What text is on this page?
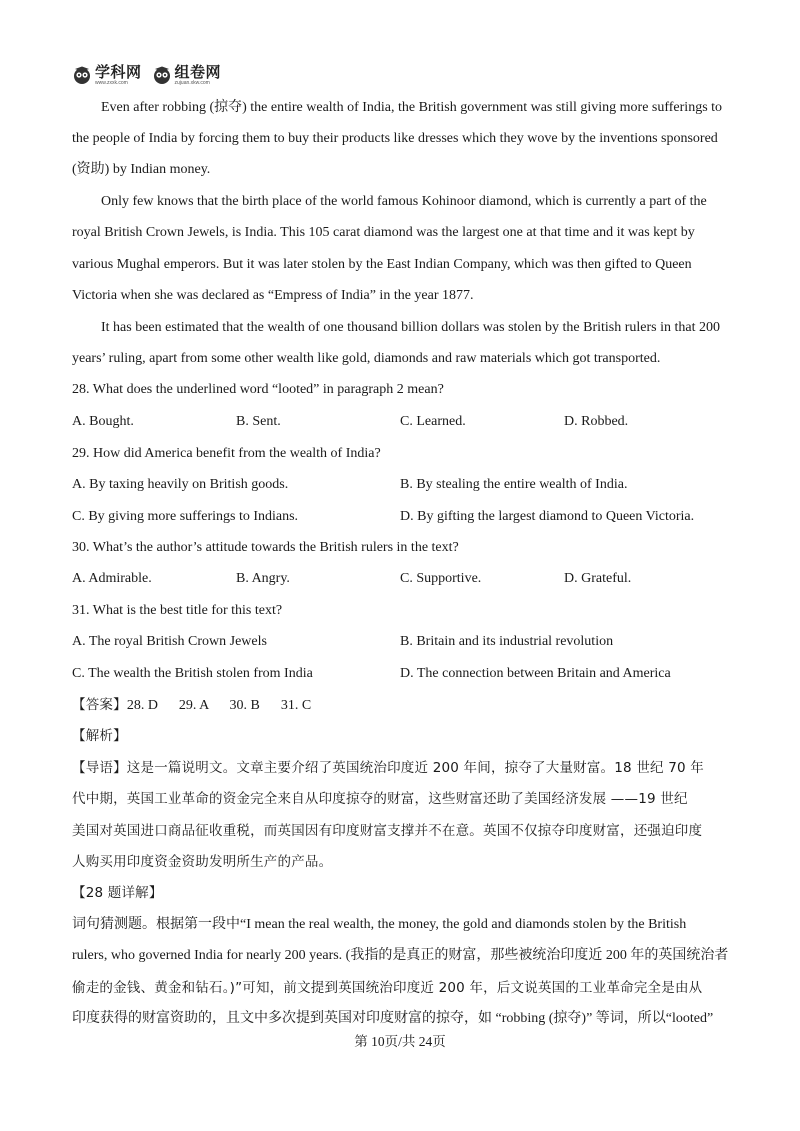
学科网
www.zxxk.com
组卷网
zujuan.xkw.com
Even after robbing (掠夺) the entire wealth of India, the British government was still giving more sufferings to
the people of India by forcing them to buy their products like dresses which they wove by the inventions sponsored
(资助) by Indian money.
Only few knows that the birth place of the world famous Kohinoor diamond, which is currently a part of the
royal British Crown Jewels, is India. This 105 carat diamond was the largest one at that time and it was kept by
various Mughal emperors. But it was later stolen by the East Indian Company, which was then gifted to Queen
Victoria when she was declared as “Empress of India” in the year 1877.
It has been estimated that the wealth of one thousand billion dollars was stolen by the British rulers in that 200
years’ ruling, apart from some other wealth like gold, diamonds and raw materials which got transported.
28. What does the underlined word “looted” in paragraph 2 mean?
A. Bought.	B. Sent.	C. Learned.	D. Robbed.
29. How did America benefit from the wealth of India?
A. By taxing heavily on British goods.	B. By stealing the entire wealth of India.
C. By giving more sufferings to Indians.	D. By gifting the largest diamond to Queen Victoria.
30. What’s the author’s attitude towards the British rulers in the text?
A. Admirable.	B. Angry.	C. Supportive.	D. Grateful.
31. What is the best title for this text?
A. The royal British Crown Jewels	B. Britain and its industrial revolution
C. The wealth the British stolen from India	D. The connection between Britain and America
【答案】28. D      29. A      30. B      31. C
【解析】
【导语】这是一篇说明文。文章主要介绍了英国统治印度近 200 年间，掠夺了大量财富。18 世纪 70 年
代中期，英国工业革命的资金完全来自从印度掠夺的财富，这些财富还助了美国经济发展 ——19 世纪
美国对英国进口商品征收重税，而英国因有印度财富支撑并不在意。英国不仅掠夺印度财富，还强迫印度
人购买用印度资金资助发明所生产的产品。
【28 题详解】
词句猜测题。根据第一段中“I mean the real wealth, the money, the gold and diamonds stolen by the British
rulers, who governed India for nearly 200 years. (我指的是真正的财富，那些被统治印度近 200 年的英国统治者
偷走的金钱、黄金和钻石。)”可知，前文提到英国统治印度近 200 年，后文说英国的工业革命完全是由从
印度获得的财富资助的，且文中多次提到英国对印度财富的掠夺，如 “robbing (掠夺)” 等词，所以“looted”
第 10页/共 24页
